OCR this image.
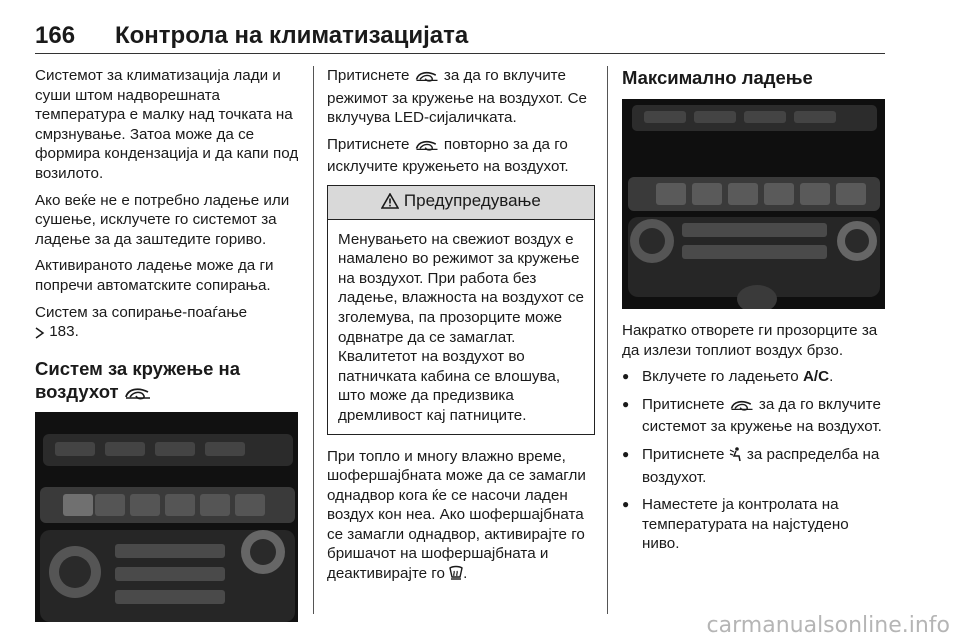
166 Контрола на климатизацијата

Системот за климатизација лади и суши штом надворешната температура е малку над точката на смрзнување. Затоа може да се формира кондензација и да капи под возилото.

Ако веќе не е потребно ладење или сушење, исклучете го системот за ладење за да заштедите гориво.

Активираното ладење може да ги попречи автоматските сопирања.

Систем за сопирање-поаѓање
183.

Систем за кружење на воздухот

Притиснете за да го вклучите режимот за кружење на воздухот. Се вклучува LED-сијаличката.

Притиснете повторно за да го исклучите кружењето на воздухот.

Предупредување
Менувањето на свежиот воздух е намалено во режимот за кружење на воздухот. При работа без ладење, влажноста на воздухот се зголемува, па прозорците може одвнатре да се замаглат. Квалитетот на воздухот во патничката кабина се влошува, што може да предизвика дремливост кај патниците.

При топло и многу влажно време, шофершајбната може да се замагли однадвор кога ќе се насочи ладен воздух кон неа. Ако шофершајбната се замагли однадвор, активирајте го бришачот на шофершајбната и деактивирајте го .

Максимално ладење

Накратко отворете ги прозорците за да излези топлиот воздух брзо.

● Вклучете го ладењето A/C.
● Притиснете за да го вклучите системот за кружење на воздухот.
● Притиснете за распределба на воздухот.
● Наместете ја контролата на температурата на најстудено ниво.
carmanualsonline.info
